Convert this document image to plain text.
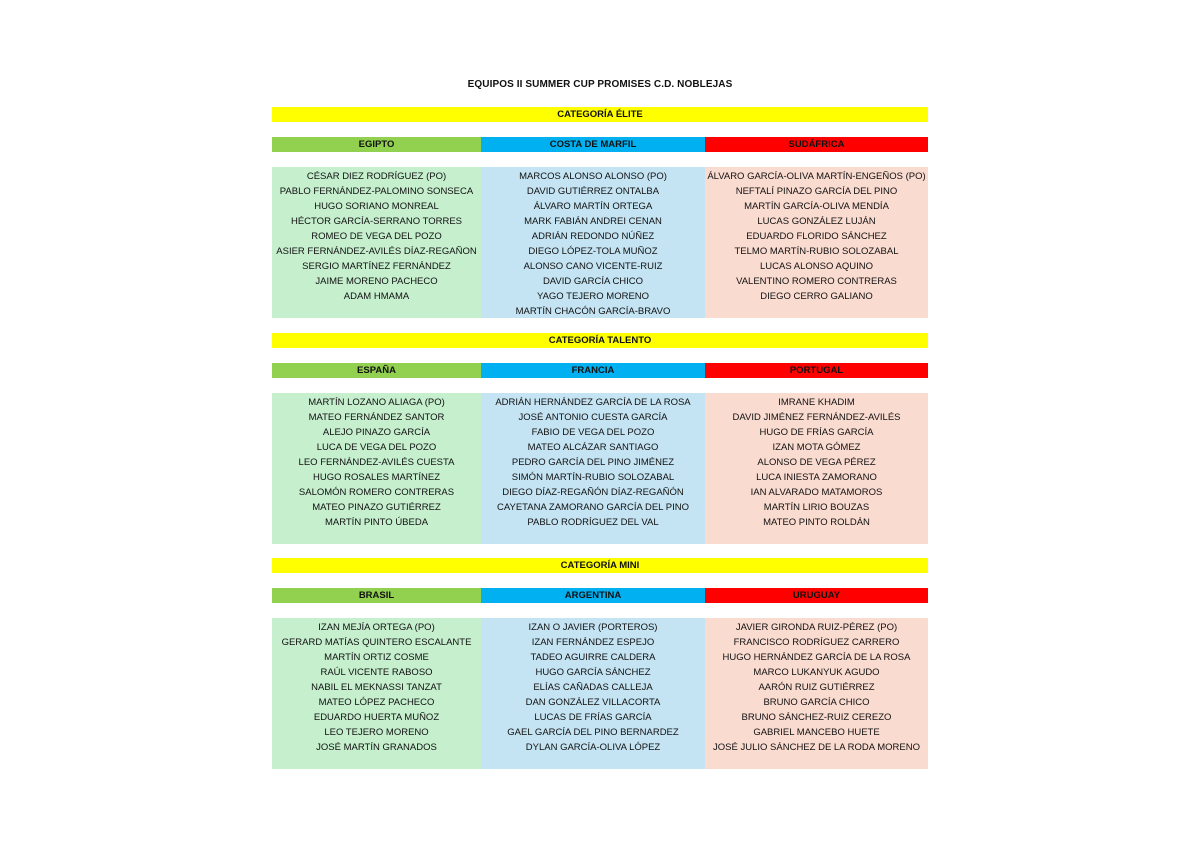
EQUIPOS II SUMMER CUP PROMISES C.D. NOBLEJAS
CATEGORÍA ÉLITE
EGIPTO
CÉSAR DIEZ RODRÍGUEZ (PO)
PABLO FERNÁNDEZ-PALOMINO SONSECA
HUGO SORIANO MONREAL
HÉCTOR GARCÍA-SERRANO TORRES
ROMEO DE VEGA DEL POZO
ASIER FERNÁNDEZ-AVILÉS DÍAZ-REGAÑON
SERGIO MARTÍNEZ FERNÁNDEZ
JAIME MORENO PACHECO
ADAM HMAMA
COSTA DE MARFIL
MARCOS ALONSO ALONSO (PO)
DAVID GUTIÉRREZ ONTALBA
ÁLVARO MARTÍN ORTEGA
MARK FABIÁN ANDREI CENAN
ADRIÁN REDONDO NÚÑEZ
DIEGO LÓPEZ-TOLA MUÑOZ
ALONSO CANO VICENTE-RUIZ
DAVID GARCÍA CHICO
YAGO TEJERO MORENO
MARTÍN CHACÓN GARCÍA-BRAVO
SUDÁFRICA
ÁLVARO GARCÍA-OLIVA MARTÍN-ENGEÑOS (PO)
NEFTALÍ PINAZO GARCÍA DEL PINO
MARTÍN GARCÍA-OLIVA MENDÍA
LUCAS GONZÁLEZ LUJÁN
EDUARDO FLORIDO SÁNCHEZ
TELMO MARTÍN-RUBIO SOLOZABAL
LUCAS ALONSO AQUINO
VALENTINO ROMERO CONTRERAS
DIEGO CERRO GALIANO
CATEGORÍA TALENTO
ESPAÑA
MARTÍN LOZANO ALIAGA (PO)
MATEO FERNÁNDEZ SANTOR
ALEJO PINAZO GARCÍA
LUCA DE VEGA DEL POZO
LEO FERNÁNDEZ-AVILÉS CUESTA
HUGO ROSALES MARTÍNEZ
SALOMÓN ROMERO CONTRERAS
MATEO PINAZO GUTIÉRREZ
MARTÍN PINTO ÚBEDA
FRANCIA
ADRIÁN HERNÁNDEZ GARCÍA DE LA ROSA
JOSÉ ANTONIO CUESTA GARCÍA
FABIO DE VEGA DEL POZO
MATEO ALCÁZAR SANTIAGO
PEDRO GARCÍA DEL PINO JIMÉNEZ
SIMÓN MARTÍN-RUBIO SOLOZABAL
DIEGO DÍAZ-REGAÑÓN DÍAZ-REGAÑÓN
CAYETANA ZAMORANO GARCÍA DEL PINO
PABLO RODRÍGUEZ DEL VAL
PORTUGAL
IMRANE KHADIM
DAVID JIMÉNEZ FERNÁNDEZ-AVILÉS
HUGO DE FRÍAS GARCÍA
IZAN MOTA GÓMEZ
ALONSO DE VEGA PÉREZ
LUCA INIESTA ZAMORANO
IAN ALVARADO MATAMOROS
MARTÍN LIRIO BOUZAS
MATEO PINTO ROLDÁN
CATEGORÍA MINI
BRASIL
IZAN MEJÍA ORTEGA (PO)
GERARD MATÍAS QUINTERO ESCALANTE
MARTÍN ORTIZ COSME
RAÚL VICENTE RABOSO
NABIL EL MEKNASSI TANZAT
MATEO LÓPEZ PACHECO
EDUARDO HUERTA MUÑOZ
LEO TEJERO MORENO
JOSÉ MARTÍN GRANADOS
ARGENTINA
IZAN O JAVIER (PORTEROS)
IZAN FERNÁNDEZ ESPEJO
TADEO AGUIRRE CALDERA
HUGO GARCÍA SÁNCHEZ
ELÍAS CAÑADAS CALLEJA
DAN GONZÁLEZ VILLACORTA
LUCAS DE FRÍAS GARCÍA
GAEL GARCÍA DEL PINO BERNARDEZ
DYLAN GARCÍA-OLIVA LÓPEZ
URUGUAY
JAVIER GIRONDA RUIZ-PÉREZ (PO)
FRANCISCO RODRÍGUEZ CARRERO
HUGO HERNÁNDEZ GARCÍA DE LA ROSA
MARCO LUKANYUK AGUDO
AARÓN RUIZ GUTIÉRREZ
BRUNO GARCÍA CHICO
BRUNO SÁNCHEZ-RUIZ CEREZO
GABRIEL MANCEBO HUETE
JOSÉ JULIO SÁNCHEZ DE LA RODA MORENO
